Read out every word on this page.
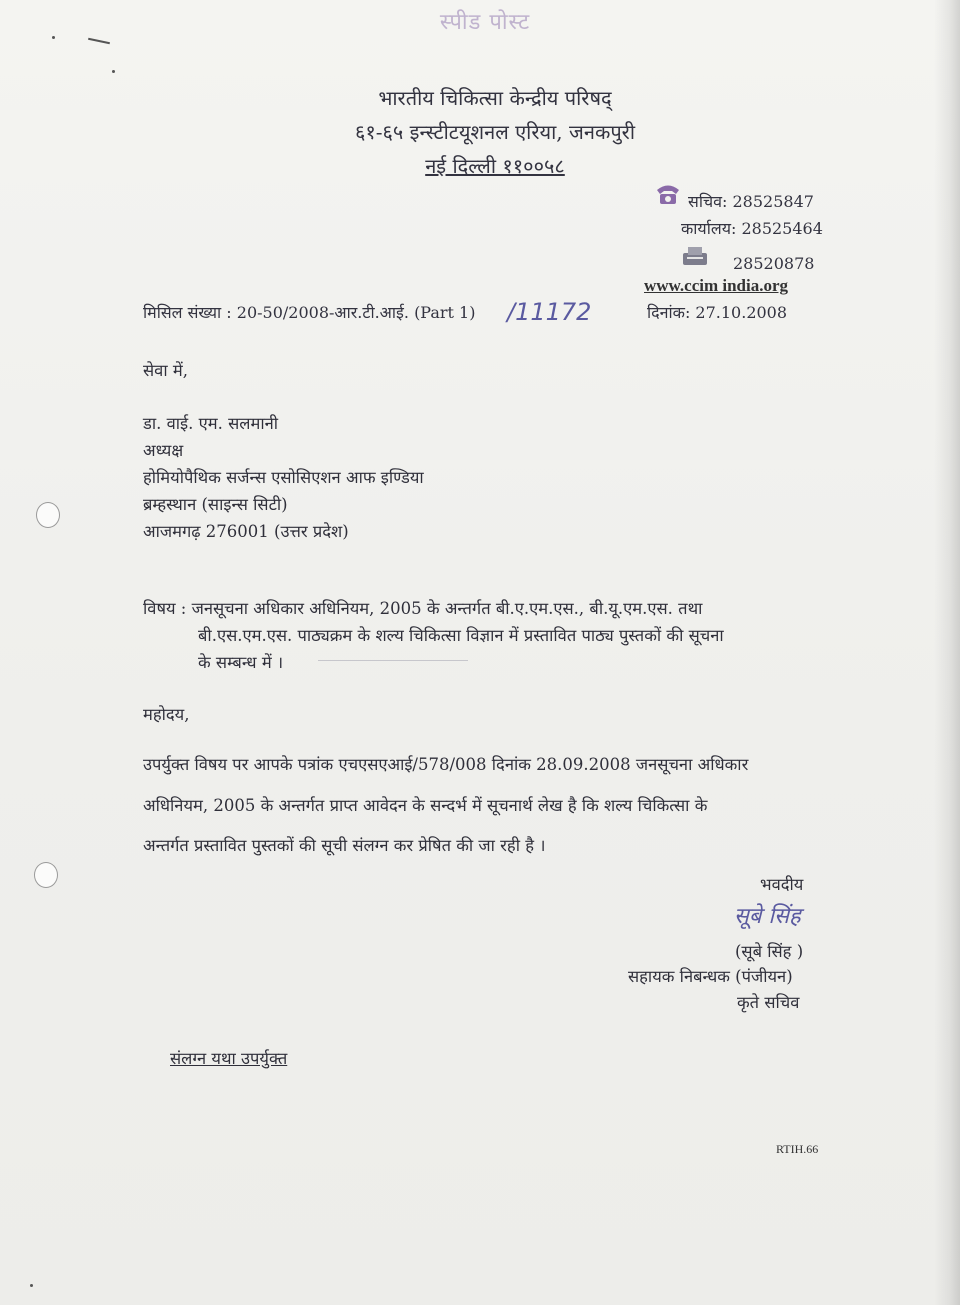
स्पीड पोस्ट
भारतीय चिकित्सा केन्द्रीय परिषद्
६१-६५ इन्स्टीटयूशनल एरिया, जनकपुरी
नई दिल्ली ११००५८
सचिव: 28525847
कार्यालय: 28525464
28520878
www.ccim india.org
मिसिल संख्या : 20-50/2008-आर.टी.आई. (Part 1) /11172	दिनांक: 27.10.2008
सेवा में,
डा. वाई. एम. सलमानी
अध्यक्ष
होमियोपैथिक सर्जन्स एसोसिएशन आफ इण्डिया
ब्रम्हस्थान (साइन्स सिटी)
आजमगढ़ 276001 (उत्तर प्रदेश)
विषय : जनसूचना अधिकार अधिनियम, 2005 के अन्तर्गत बी.ए.एम.एस., बी.यू.एम.एस. तथा
बी.एस.एम.एस. पाठ्यक्रम के शल्य चिकित्सा विज्ञान में प्रस्तावित पाठ्य पुस्तकों की सूचना
के सम्बन्ध में ।
महोदय,
उपर्युक्त विषय पर आपके पत्रांक एचएसएआई/578/008 दिनांक 28.09.2008 जनसूचना अधिकार
अधिनियम, 2005 के अन्तर्गत प्राप्त आवेदन के सन्दर्भ में सूचनार्थ लेख है कि शल्य चिकित्सा के
अन्तर्गत प्रस्तावित पुस्तकों की सूची संलग्न कर प्रेषित की जा रही है ।
भवदीय
सूबे सिंह
(सूबे सिंह )
सहायक निबन्धक (पंजीयन)
कृते सचिव
संलग्न यथा उपर्युक्त
RTIH.66
